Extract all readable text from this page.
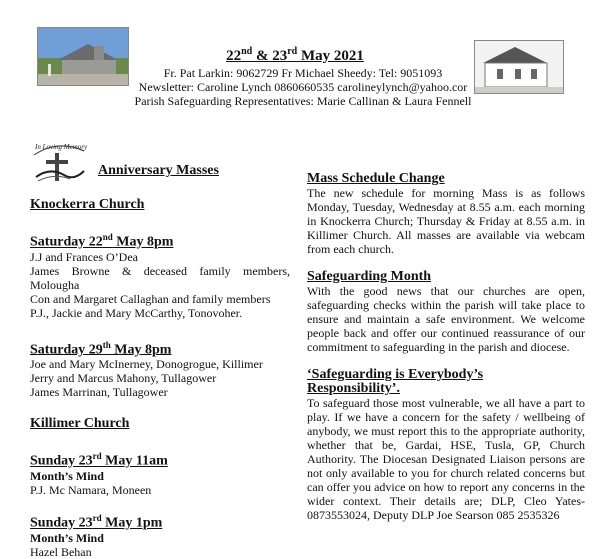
22nd & 23rd May 2021
Fr. Pat Larkin: 9062729 Fr Michael Sheedy: Tel: 9051093
Newsletter: Caroline Lynch 0860660535 carolineylynch@yahoo.cor
Parish Safeguarding Representatives: Marie Callinan & Laura Fennell
In Loving Memory
Anniversary Masses
Knockerra Church
Saturday 22nd May 8pm
J.J and Frances O’Dea
James Browne & deceased family members, Molougha
Con and Margaret Callaghan and family members
P.J., Jackie and Mary McCarthy, Tonovoher.
Saturday 29th May 8pm
Joe and Mary McInerney, Donogrogue, Killimer
Jerry and Marcus Mahony, Tullagower
James Marrinan, Tullagower
Killimer Church
Sunday 23rd May 11am
Month’s Mind
P.J. Mc Namara, Moneen
Sunday 23rd May 1pm
Month’s Mind
Hazel Behan
Mass Schedule Change
The new schedule for morning Mass is as follows Monday, Tuesday, Wednesday at 8.55 a.m. each morning in Knockerra Church; Thursday & Friday at 8.55 a.m. in Killimer Church. All masses are available via webcam from each church.
Safeguarding Month
With the good news that our churches are open, safeguarding checks within the parish will take place to ensure and maintain a safe environment. We welcome people back and offer our continued reassurance of our commitment to safeguarding in the parish and diocese.
‘Safeguarding is Everybody’s Responsibility’.
To safeguard those most vulnerable, we all have a part to play. If we have a concern for the safety / wellbeing of anybody, we must report this to the appropriate authority, whether that be, Gardai, HSE, Tusla, GP, Church Authority. The Diocesan Designated Liaison persons are not only available to you for church related concerns but can offer you advice on how to report any concerns in the wider context. Their details are; DLP, Cleo Yates-0873553024, Deputy DLP Joe Searson 085 2535326
